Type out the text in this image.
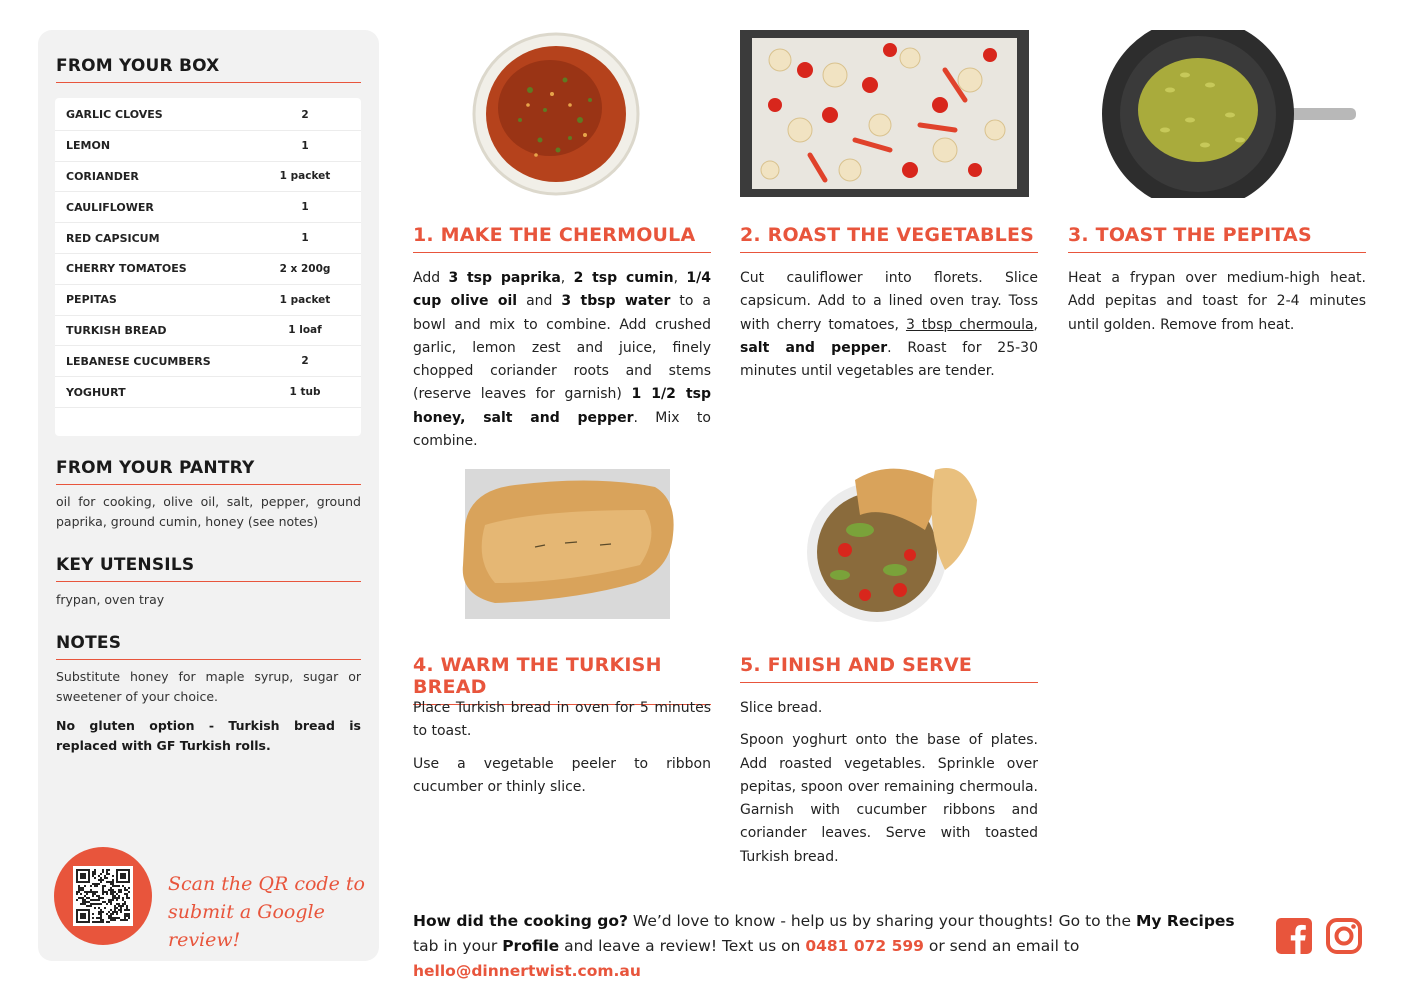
FROM YOUR BOX
GARLIC CLOVES	2
LEMON	1
CORIANDER	1 packet
CAULIFLOWER	1
RED CAPSICUM	1
CHERRY TOMATOES	2 x 200g
PEPITAS	1 packet
TURKISH BREAD	1 loaf
LEBANESE CUCUMBERS	2
YOGHURT	1 tub
FROM YOUR PANTRY
oil for cooking, olive oil, salt, pepper, ground paprika, ground cumin, honey (see notes)
KEY UTENSILS
frypan, oven tray
NOTES
Substitute honey for maple syrup, sugar or sweetener of your choice.
No gluten option - Turkish bread is replaced with GF Turkish rolls.
Scan the QR code to
submit a Google review!
1. MAKE THE CHERMOULA
Add 3 tsp paprika, 2 tsp cumin, 1/4 cup olive oil and 3 tbsp water to a bowl and mix to combine. Add crushed garlic, lemon zest and juice, finely chopped coriander roots and stems (reserve leaves for garnish) 1 1/2 tsp honey, salt and pepper. Mix to combine.
2. ROAST THE VEGETABLES
Cut cauliflower into florets. Slice capsicum. Add to a lined oven tray. Toss with cherry tomatoes, 3 tbsp chermoula, salt and pepper. Roast for 25-30 minutes until vegetables are tender.
3. TOAST THE PEPITAS
Heat a frypan over medium-high heat. Add pepitas and toast for 2-4 minutes until golden. Remove from heat.
4. WARM THE TURKISH BREAD

Place Turkish bread in oven for 5 minutes to toast.

Use a vegetable peeler to ribbon cucumber or thinly slice.

5. FINISH AND SERVE

Slice bread.

Spoon yoghurt onto the base of plates. Add roasted vegetables. Sprinkle over pepitas, spoon over remaining chermoula. Garnish with cucumber ribbons and coriander leaves. Serve with toasted Turkish bread.

How did the cooking go? We’d love to know - help us by sharing your thoughts! Go to the My Recipes tab in your Profile and leave a review! Text us on 0481 072 599 or send an email to hello@dinnertwist.com.au
